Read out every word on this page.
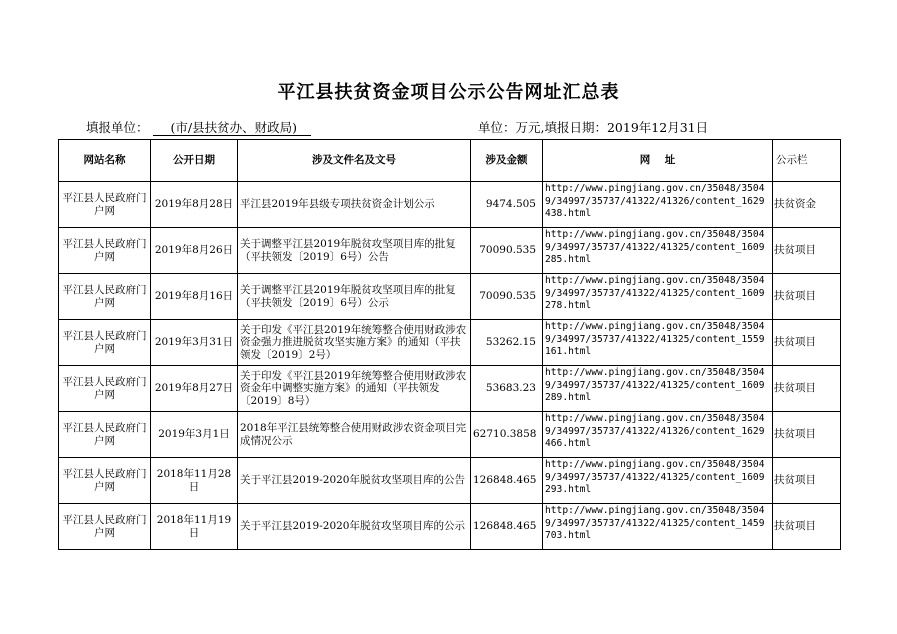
平江县扶贫资金项目公示公告网址汇总表
填报单位： (市/县扶贫办、财政局)	单位：万元,填报日期：2019年12月31日
网站名称	公开日期	涉及文件名及文号	涉及金额	网    址	公示栏
平江县人民政府门户网	2019年8月28日	平江县2019年县级专项扶贫资金计划公示	9474.505	http://www.pingjiang.gov.cn/35048/35049/34997/35737/41322/41326/content_1629438.html	扶贫资金
平江县人民政府门户网	2019年8月26日	关于调整平江县2019年脱贫攻坚项目库的批复（平扶领发〔2019〕6号）公告	70090.535	http://www.pingjiang.gov.cn/35048/35049/34997/35737/41322/41325/content_1609285.html	扶贫项目
平江县人民政府门户网	2019年8月16日	关于调整平江县2019年脱贫攻坚项目库的批复（平扶领发〔2019〕6号）公示	70090.535	http://www.pingjiang.gov.cn/35048/35049/34997/35737/41322/41325/content_1609278.html	扶贫项目
平江县人民政府门户网	2019年3月31日	关于印发《平江县2019年统筹整合使用财政涉农资金强力推进脱贫攻坚实施方案》的通知（平扶领发〔2019〕2号）	53262.15	http://www.pingjiang.gov.cn/35048/35049/34997/35737/41322/41325/content_1559161.html	扶贫项目
平江县人民政府门户网	2019年8月27日	关于印发《平江县2019年统筹整合使用财政涉农资金年中调整实施方案》的通知（平扶领发〔2019〕8号）	53683.23	http://www.pingjiang.gov.cn/35048/35049/34997/35737/41322/41325/content_1609289.html	扶贫项目
平江县人民政府门户网	2019年3月1日	2018年平江县统筹整合使用财政涉农资金项目完成情况公示	62710.3858	http://www.pingjiang.gov.cn/35048/35049/34997/35737/41322/41326/content_1629466.html	扶贫项目
平江县人民政府门户网	2018年11月28日	关于平江县2019-2020年脱贫攻坚项目库的公告	126848.465	http://www.pingjiang.gov.cn/35048/35049/34997/35737/41322/41325/content_1609293.html	扶贫项目
平江县人民政府门户网	2018年11月19日	关于平江县2019-2020年脱贫攻坚项目库的公示	126848.465	http://www.pingjiang.gov.cn/35048/35049/34997/35737/41322/41325/content_1459703.html	扶贫项目
